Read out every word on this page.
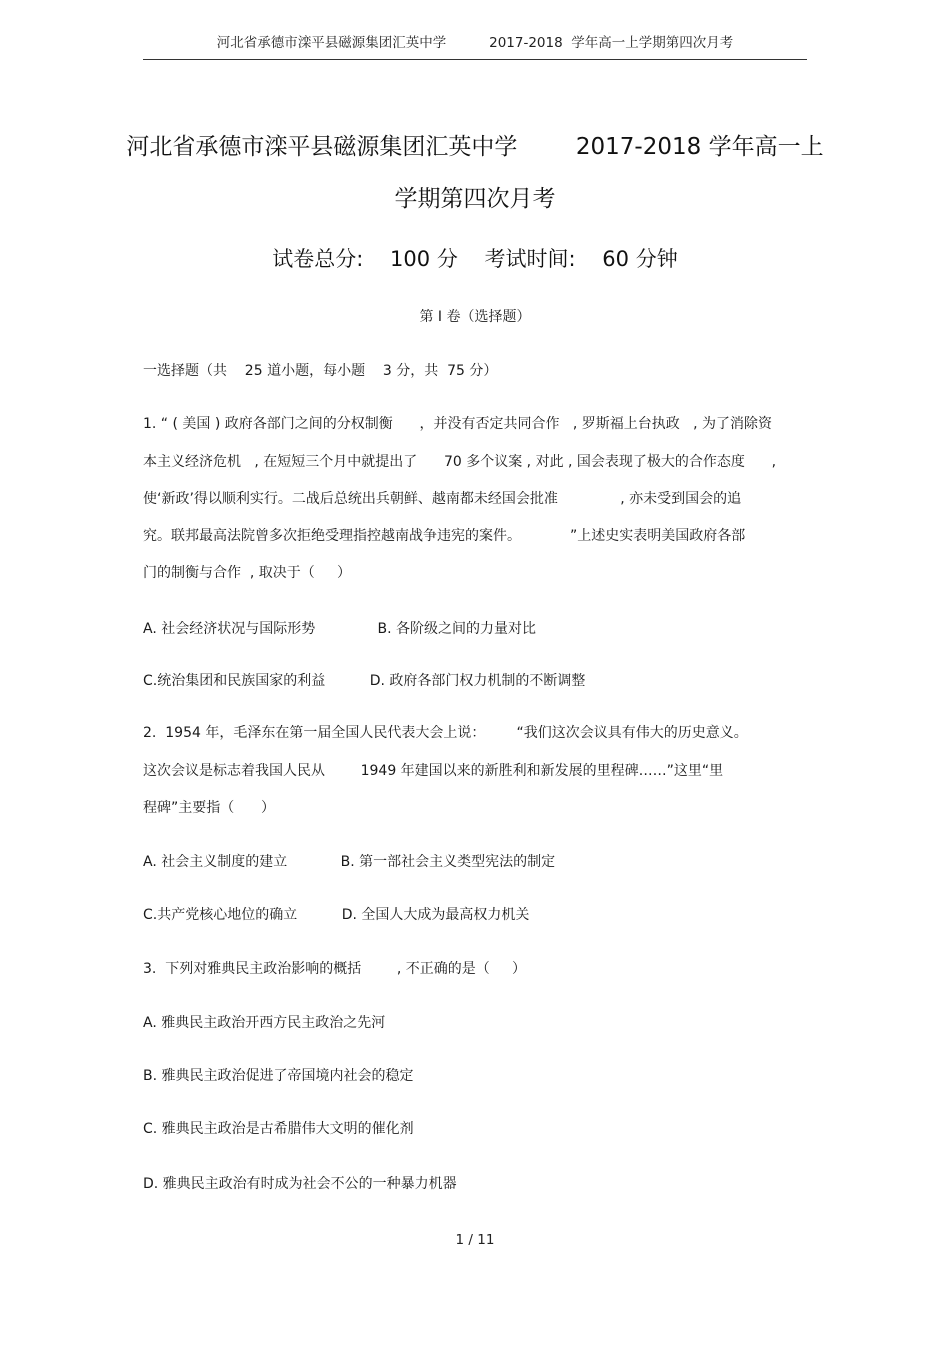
河北省承德市滦平县磁源集团汇英中学          2017-2018  学年高一上学期第四次月考
河北省承德市滦平县磁源集团汇英中学        2017-2018 学年高一上
学期第四次月考
试卷总分:    100 分    考试时间:    60 分钟
第 Ⅰ 卷（选择题）
一选择题（共    25 道小题，每小题    3 分，共  75 分）
1. “ ( 美国 ) 政府各部门之间的分权制衡      ，并没有否定共同合作   , 罗斯福上台执政   , 为了消除资
本主义经济危机   , 在短短三个月中就提出了      70 多个议案 , 对此 , 国会表现了极大的合作态度      ,
使‘新政’得以顺利实行。二战后总统出兵朝鲜、越南都未经国会批准              , 亦未受到国会的追
究。联邦最高法院曾多次拒绝受理指控越南战争违宪的案件。           ”上述史实表明美国政府各部
门的制衡与合作  , 取决于（     ）
A. 社会经济状况与国际形势              B. 各阶级之间的力量对比
C.统治集团和民族国家的利益          D. 政府各部门权力机制的不断调整
2.  1954 年，毛泽东在第一届全国人民代表大会上说：       “我们这次会议具有伟大的历史意义。
这次会议是标志着我国人民从        1949 年建国以来的新胜利和新发展的里程碑……”这里“里
程碑”主要指（      ）
A. 社会主义制度的建立            B. 第一部社会主义类型宪法的制定
C.共产党核心地位的确立          D. 全国人大成为最高权力机关
3.  下列对雅典民主政治影响的概括        , 不正确的是（     ）
A. 雅典民主政治开西方民主政治之先河
B. 雅典民主政治促进了帝国境内社会的稳定
C. 雅典民主政治是古希腊伟大文明的催化剂
D. 雅典民主政治有时成为社会不公的一种暴力机器
1 / 11
